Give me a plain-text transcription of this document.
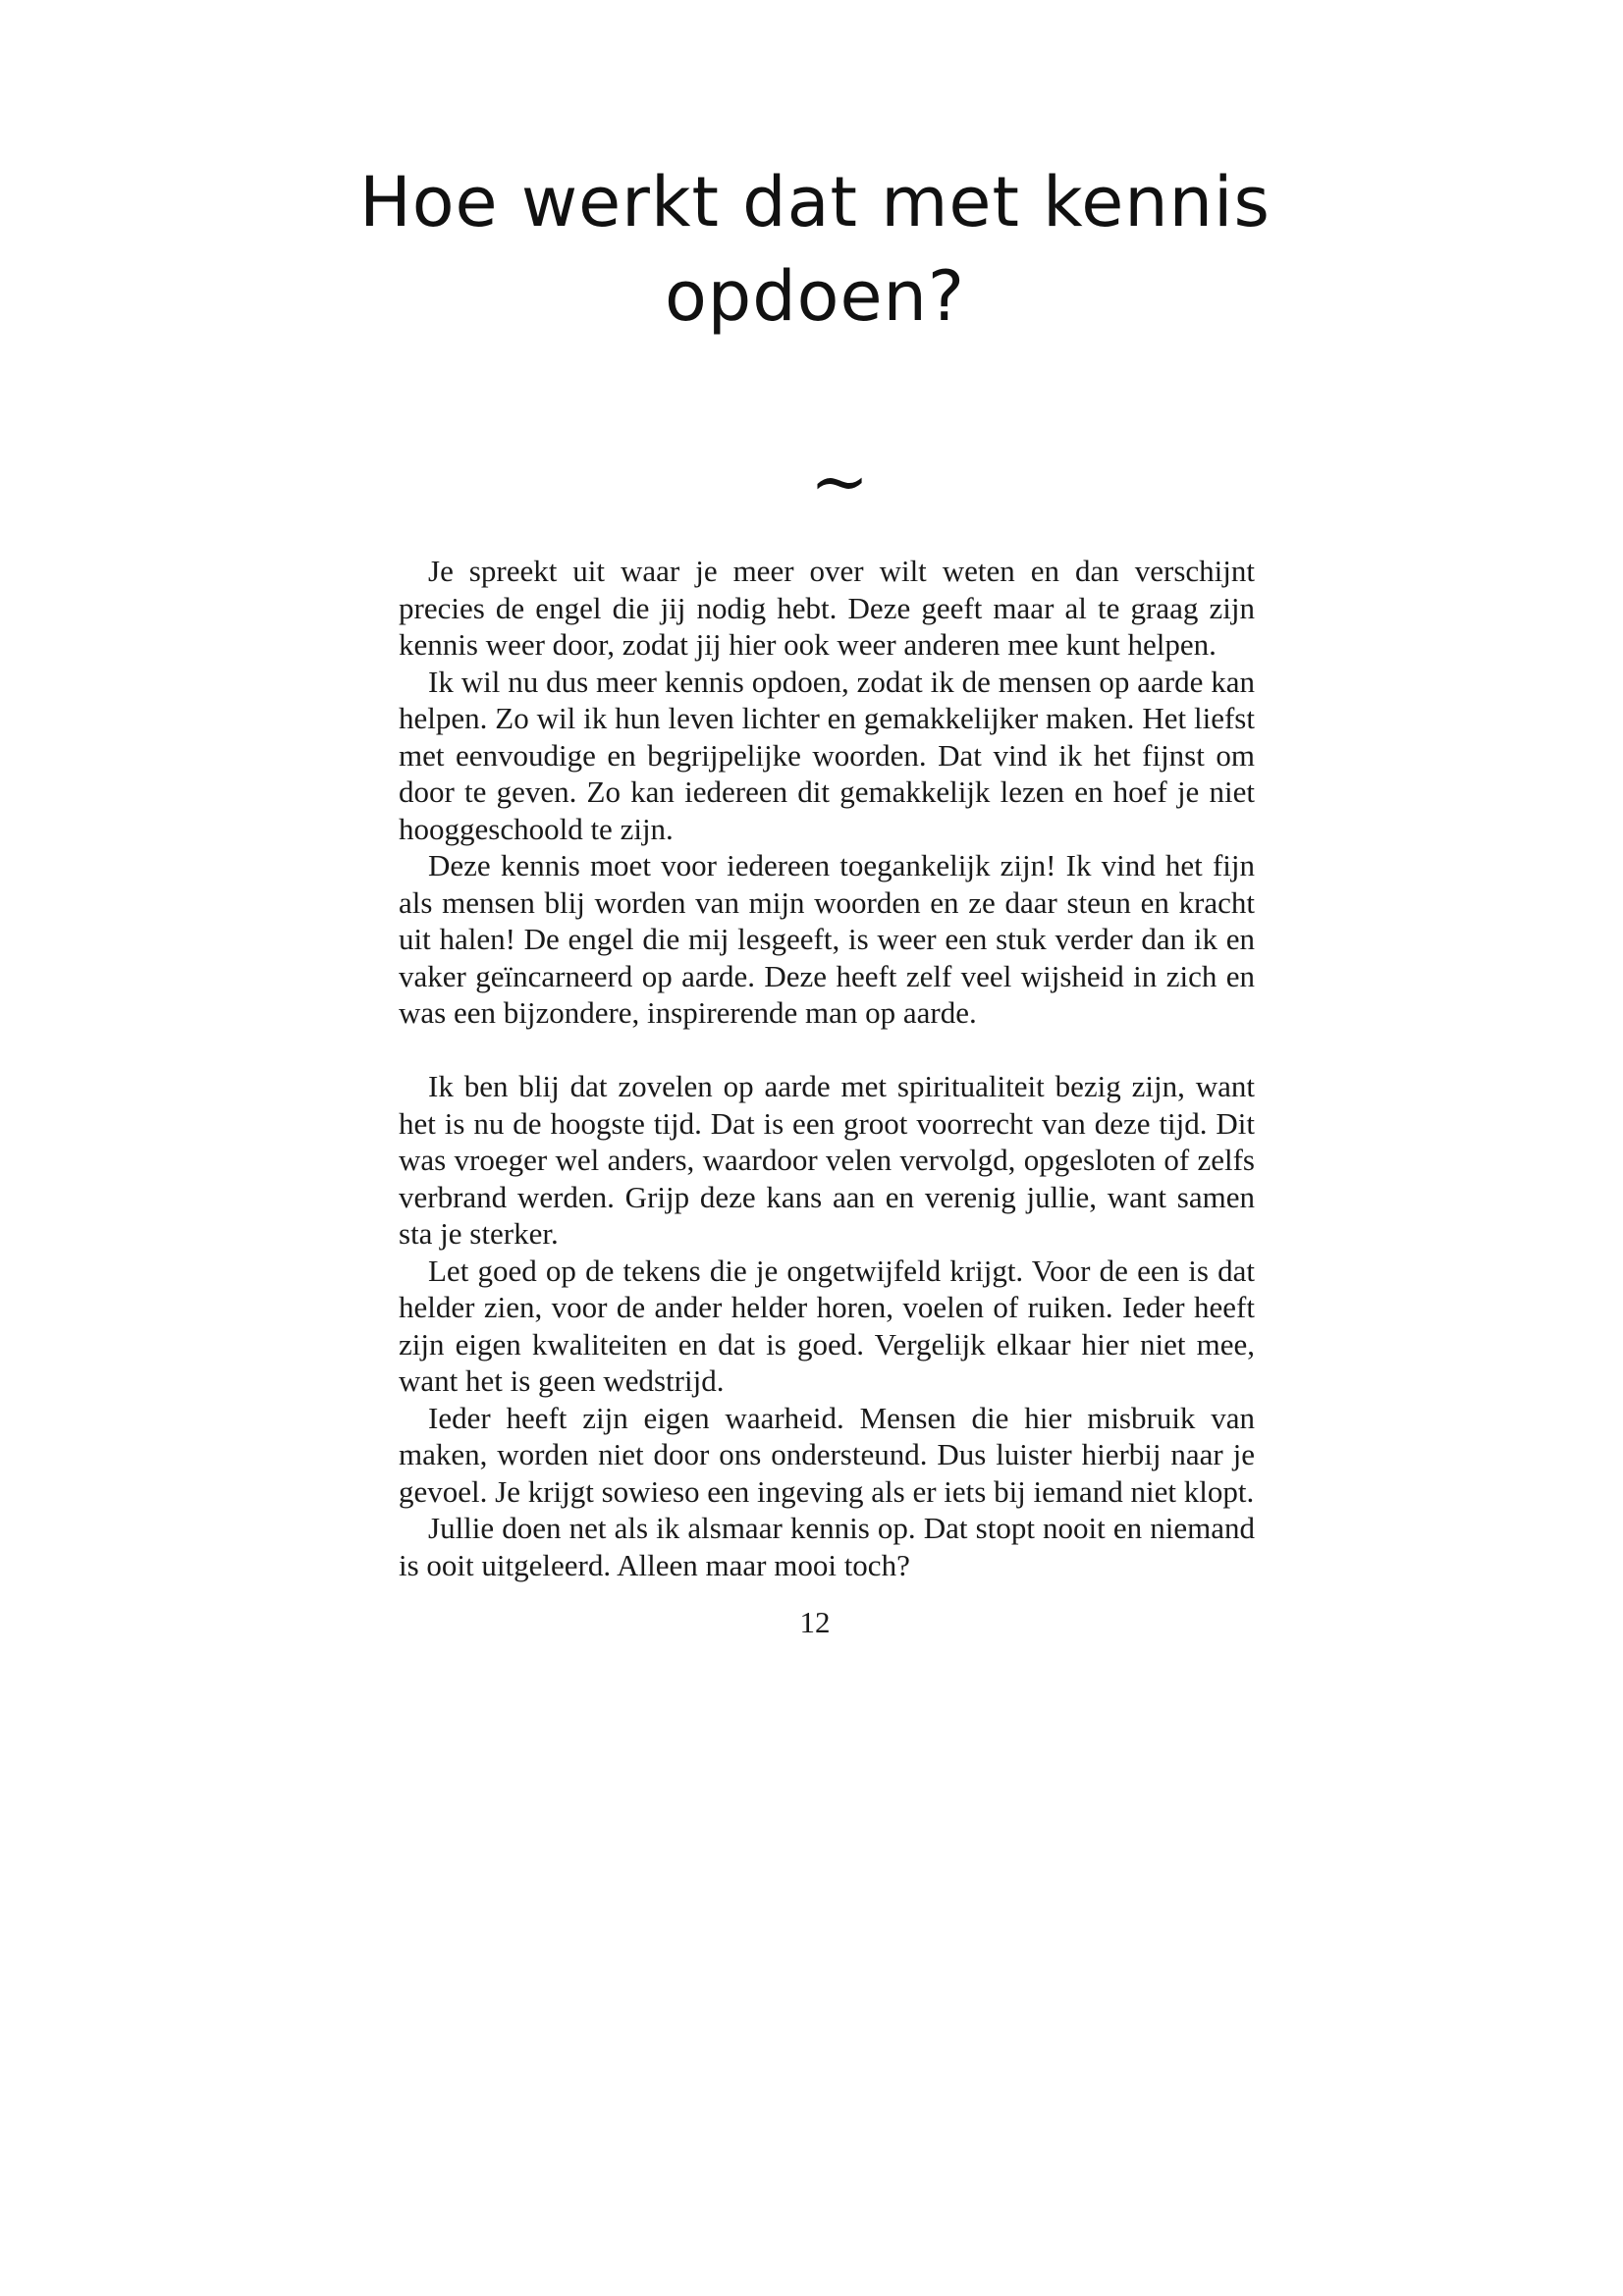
Hoe werkt dat met kennis opdoen?
~

Je spreekt uit waar je meer over wilt weten en dan verschijnt precies de engel die jij nodig hebt. Deze geeft maar al te graag zijn kennis weer door, zodat jij hier ook weer anderen mee kunt helpen.

Ik wil nu dus meer kennis opdoen, zodat ik de mensen op aarde kan helpen. Zo wil ik hun leven lichter en gemakkelijker maken. Het liefst met eenvoudige en begrijpelijke woorden. Dat vind ik het fijnst om door te geven. Zo kan iedereen dit gemakkelijk lezen en hoef je niet hooggeschoold te zijn.

Deze kennis moet voor iedereen toegankelijk zijn! Ik vind het fijn als mensen blij worden van mijn woorden en ze daar steun en kracht uit halen! De engel die mij lesgeeft, is weer een stuk verder dan ik en vaker geïncarneerd op aarde. Deze heeft zelf veel wijsheid in zich en was een bijzondere, inspirerende man op aarde.

Ik ben blij dat zovelen op aarde met spiritualiteit bezig zijn, want het is nu de hoogste tijd. Dat is een groot voorrecht van deze tijd. Dit was vroeger wel anders, waardoor velen vervolgd, opgesloten of zelfs verbrand werden. Grijp deze kans aan en verenig jullie, want samen sta je sterker.

Let goed op de tekens die je ongetwijfeld krijgt. Voor de een is dat helder zien, voor de ander helder horen, voelen of ruiken. Ieder heeft zijn eigen kwaliteiten en dat is goed. Vergelijk elkaar hier niet mee, want het is geen wedstrijd.

Ieder heeft zijn eigen waarheid. Mensen die hier misbruik van maken, worden niet door ons ondersteund. Dus luister hierbij naar je gevoel. Je krijgt sowieso een ingeving als er iets bij iemand niet klopt.

Jullie doen net als ik alsmaar kennis op. Dat stopt nooit en niemand is ooit uitgeleerd. Alleen maar mooi toch?

12
